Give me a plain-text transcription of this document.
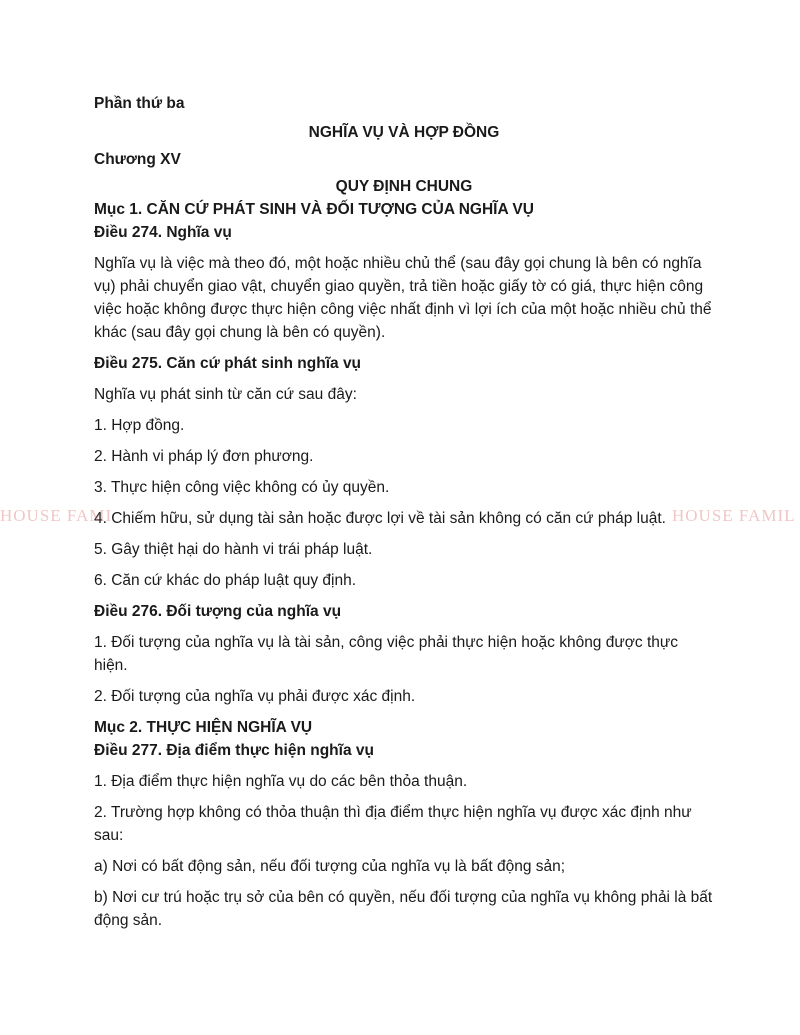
Phần thứ ba
NGHĨA VỤ VÀ HỢP ĐỒNG
Chương XV
QUY ĐỊNH CHUNG
Mục 1. CĂN CỨ PHÁT SINH VÀ ĐỐI TƯỢNG CỦA NGHĨA VỤ
Điều 274. Nghĩa vụ

Nghĩa vụ là việc mà theo đó, một hoặc nhiều chủ thể (sau đây gọi chung là bên có nghĩa vụ) phải chuyển giao vật, chuyển giao quyền, trả tiền hoặc giấy tờ có giá, thực hiện công việc hoặc không được thực hiện công việc nhất định vì lợi ích của một hoặc nhiều chủ thể khác (sau đây gọi chung là bên có quyền).

Điều 275. Căn cứ phát sinh nghĩa vụ

Nghĩa vụ phát sinh từ căn cứ sau đây:

1. Hợp đồng.

2. Hành vi pháp lý đơn phương.

3. Thực hiện công việc không có ủy quyền.

4. Chiếm hữu, sử dụng tài sản hoặc được lợi về tài sản không có căn cứ pháp luật.

5. Gây thiệt hại do hành vi trái pháp luật.

6. Căn cứ khác do pháp luật quy định.

Điều 276. Đối tượng của nghĩa vụ

1. Đối tượng của nghĩa vụ là tài sản, công việc phải thực hiện hoặc không được thực hiện.

2. Đối tượng của nghĩa vụ phải được xác định.

Mục 2. THỰC HIỆN NGHĨA VỤ
Điều 277. Địa điểm thực hiện nghĩa vụ

1. Địa điểm thực hiện nghĩa vụ do các bên thỏa thuận.

2. Trường hợp không có thỏa thuận thì địa điểm thực hiện nghĩa vụ được xác định như sau:

a) Nơi có bất động sản, nếu đối tượng của nghĩa vụ là bất động sản;

b) Nơi cư trú hoặc trụ sở của bên có quyền, nếu đối tượng của nghĩa vụ không phải là bất động sản.

HOUSE FAMI	HOUSE FAMIL
